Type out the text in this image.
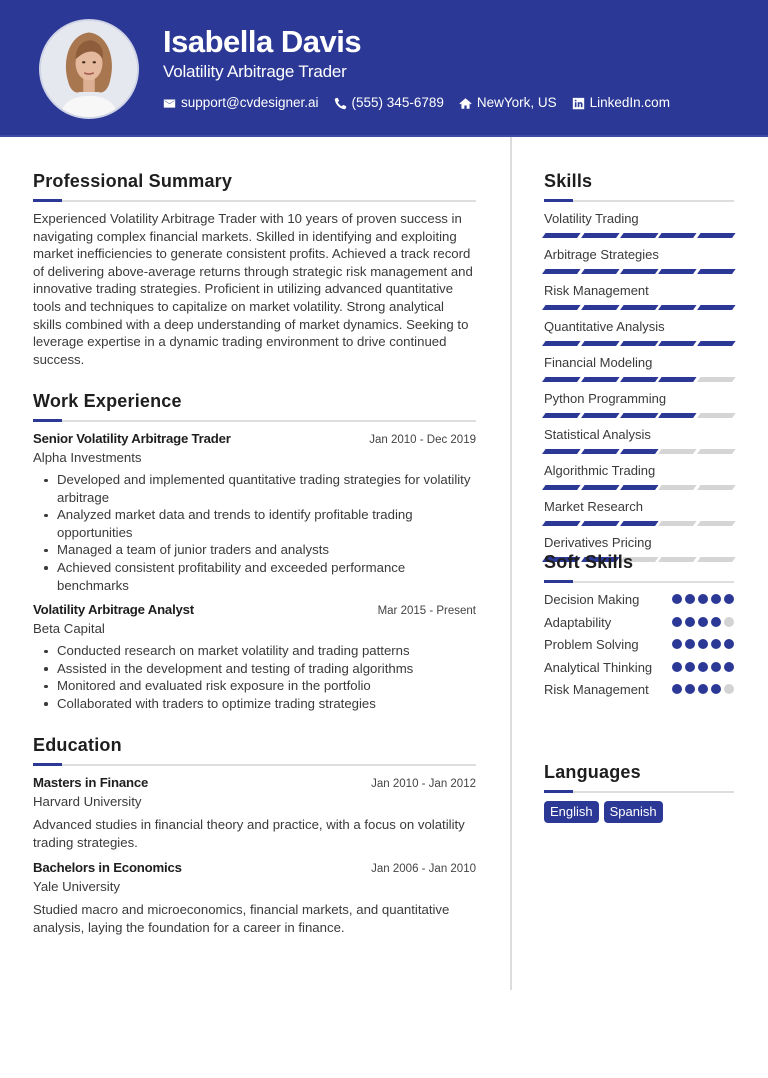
Isabella Davis
Volatility Arbitrage Trader
support@cvdesigner.ai (555) 345-6789 NewYork, US LinkedIn.com
Professional Summary
Experienced Volatility Arbitrage Trader with 10 years of proven success in navigating complex financial markets. Skilled in identifying and exploiting market inefficiencies to generate consistent profits. Achieved a track record of delivering above-average returns through strategic risk management and innovative trading strategies. Proficient in utilizing advanced quantitative tools and techniques to capitalize on market volatility. Strong analytical skills combined with a deep understanding of market dynamics. Seeking to leverage expertise in a dynamic trading environment to drive continued success.
Work Experience
Senior Volatility Arbitrage Trader	Jan 2010 - Dec 2019
Alpha Investments
Developed and implemented quantitative trading strategies for volatility arbitrage
Analyzed market data and trends to identify profitable trading opportunities
Managed a team of junior traders and analysts
Achieved consistent profitability and exceeded performance benchmarks
Volatility Arbitrage Analyst	Mar 2015 - Present
Beta Capital
Conducted research on market volatility and trading patterns
Assisted in the development and testing of trading algorithms
Monitored and evaluated risk exposure in the portfolio
Collaborated with traders to optimize trading strategies
Education
Masters in Finance	Jan 2010 - Jan 2012
Harvard University
Advanced studies in financial theory and practice, with a focus on volatility trading strategies.
Bachelors in Economics	Jan 2006 - Jan 2010
Yale University
Studied macro and microeconomics, financial markets, and quantitative analysis, laying the foundation for a career in finance.
Skills
Volatility Trading
Arbitrage Strategies
Risk Management
Quantitative Analysis
Financial Modeling
Python Programming
Statistical Analysis
Algorithmic Trading
Market Research
Derivatives Pricing
Soft Skills
Decision Making
Adaptability
Problem Solving
Analytical Thinking
Risk Management
Languages
English	Spanish
